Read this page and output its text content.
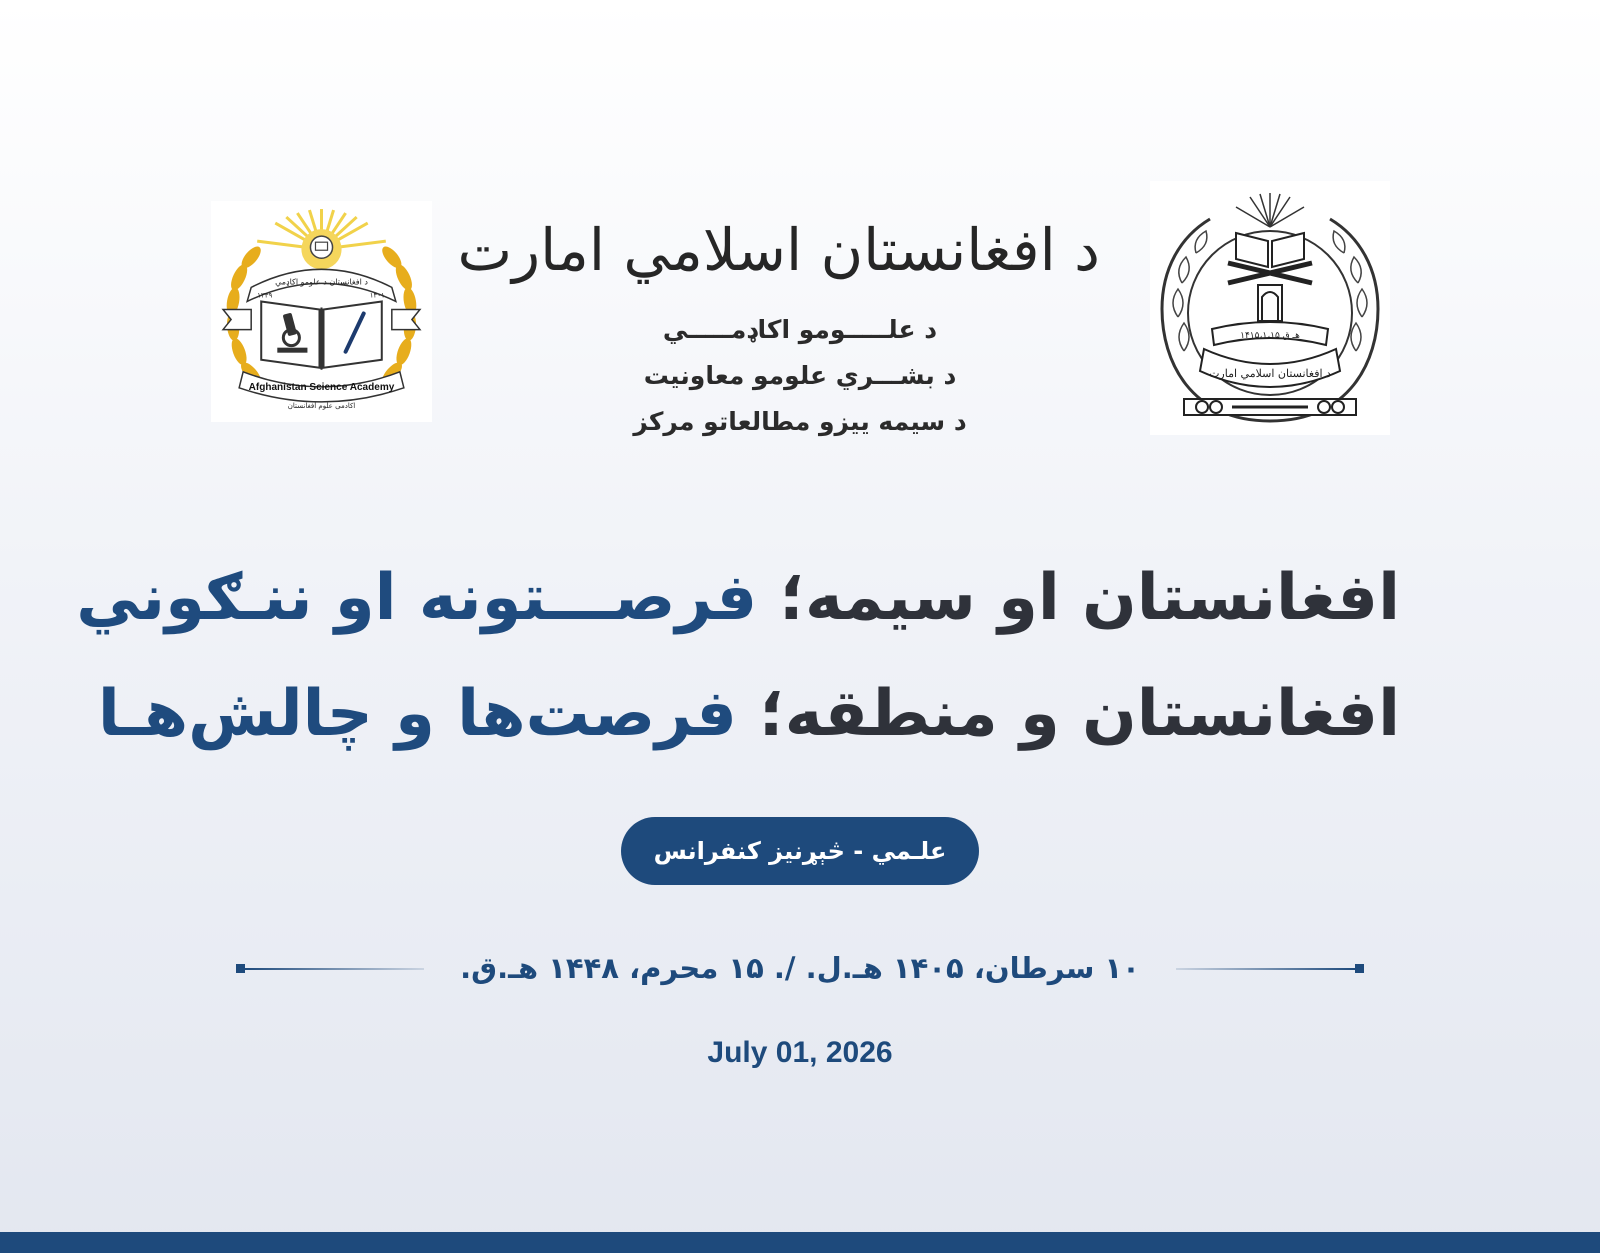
د افغانستان د علومو اکاډمي
۱۳۴۹	۱۴۰۱
Afghanistan Science Academy
اکادمی علوم افغانستان
۱۴۱۵،۱،۱۵ هـ ق
د افغانستان اسلامي امارت
د افغانستان اسلامي امارت
د علـــــومو اکاډمـــــي
د بشـــري علومو معاونیت
د سیمه ییزو مطالعاتو مرکز
افغانستان او سیمه؛ فرصـــتونه او ننـګوني
افغانستان و منطقه؛ فرصت‌ها و چالش‌هـا
علـمي - څېړنيز کنفرانس
۱۰ سرطان، ۱۴۰۵ هـ.ل. /. ۱۵ محرم، ۱۴۴۸ هـ.ق.
July 01, 2026
